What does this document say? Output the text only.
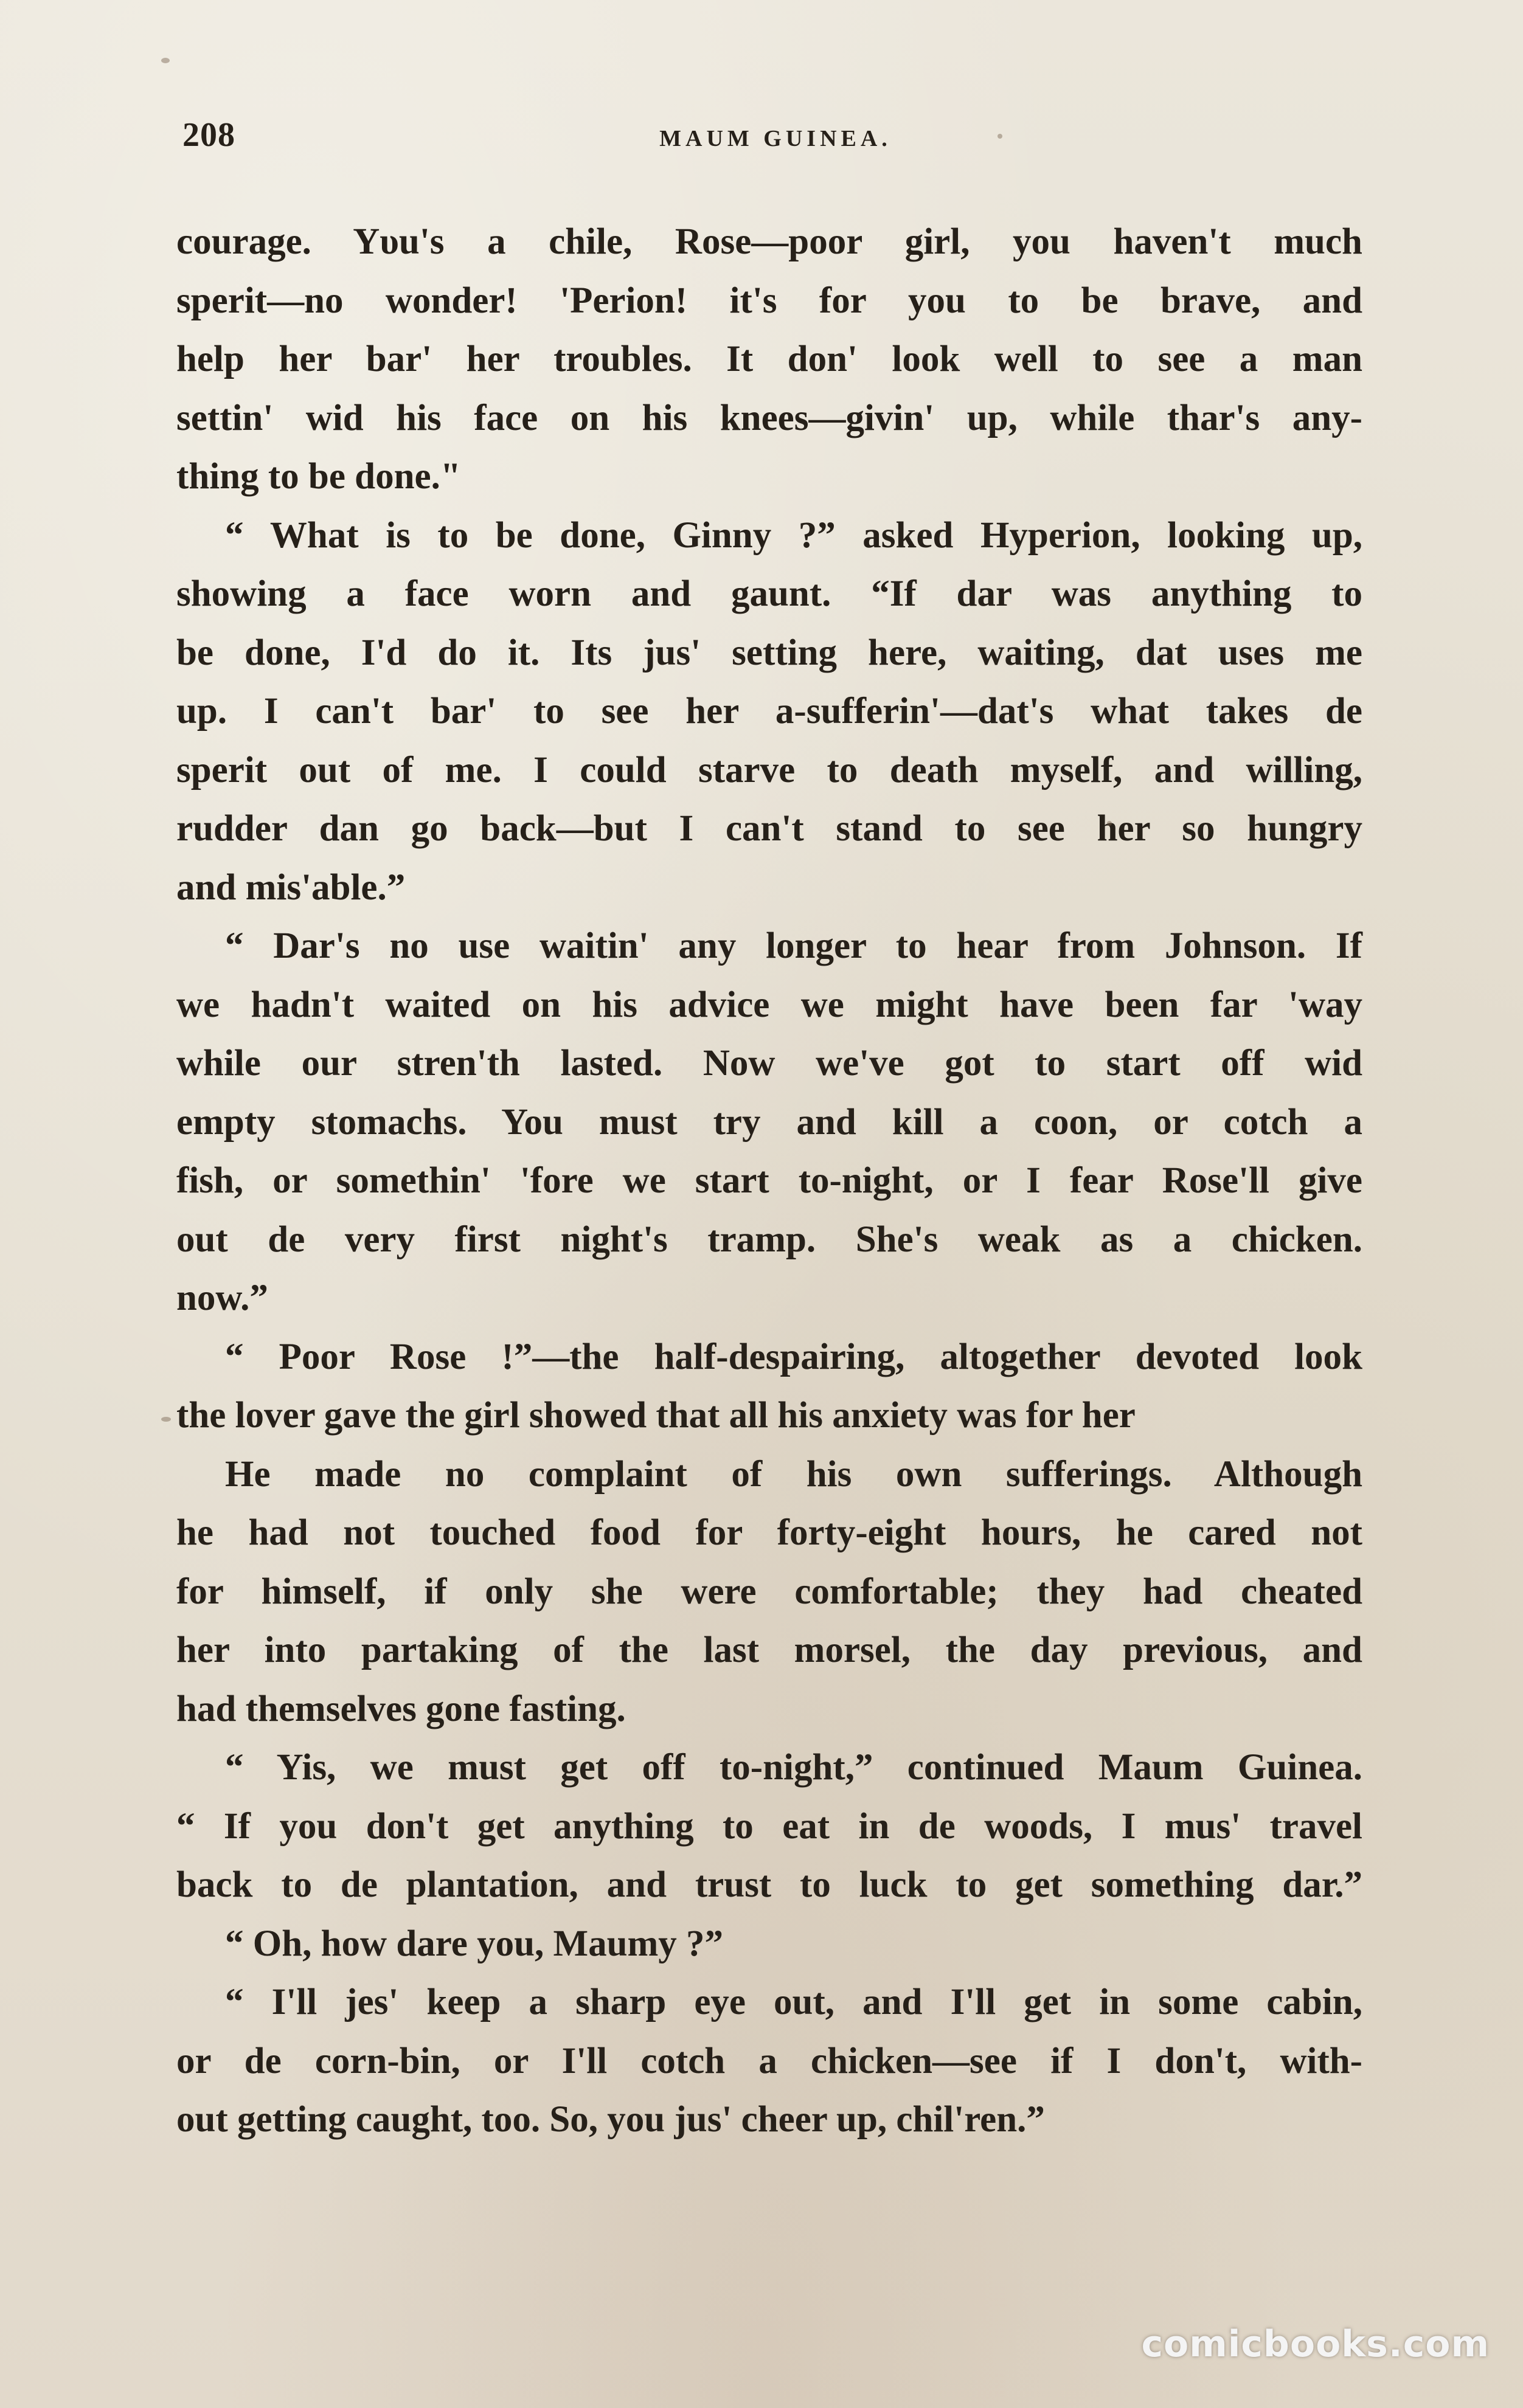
208	MAUM GUINEA.
courage. Yυu's a chile, Rose—poor girl, you haven't much
sperit—no wonder! 'Perion! it's for you to be brave, and
help her bar' her troubles. It don' look well to see a man
settin' wid his face on his knees—givin' up, while thar's any-
thing to be done."
“ What is to be done, Ginny ?” asked Hyperion, looking up,
showing a face worn and gaunt. “If dar was anything to
be done, I'd do it. Its jus' setting here, waiting, dat uses me
up. I can't bar' to see her a-sufferin'—dat's what takes de
sperit out of me. I could starve to death myself, and willing,
rudder dan go back—but I can't stand to see her so hungry
and mis'able.”
“ Dar's no use waitin' any longer to hear from Johnson. If
we hadn't waited on his advice we might have been far 'way
while our stren'th lasted. Now we've got to start off wid
empty stomachs. You must try and kill a coon, or cotch a
fish, or somethin' 'fore we start to-night, or I fear Rose'll give
out de very first night's tramp. She's weak as a chicken.
now.”
“ Poor Rose !”—the half-despairing, altogether devoted look
the lover gave the girl showed that all his anxiety was for her
He made no complaint of his own sufferings. Although
he had not touched food for forty-eight hours, he cared not
for himself, if only she were comfortable; they had cheated
her into partaking of the last morsel, the day previous, and
had themselves gone fasting.
“ Yis, we must get off to-night,” continued Maum Guinea.
“ If you don't get anything to eat in de woods, I mus' travel
back to de plantation, and trust to luck to get something dar.”
“ Oh, how dare you, Maumy ?”
“ I'll jes' keep a sharp eye out, and I'll get in some cabin,
or de corn-bin, or I'll cotch a chicken—see if I don't, with-
out getting caught, too. So, you jus' cheer up, chil'ren.”
comicbooks.com
